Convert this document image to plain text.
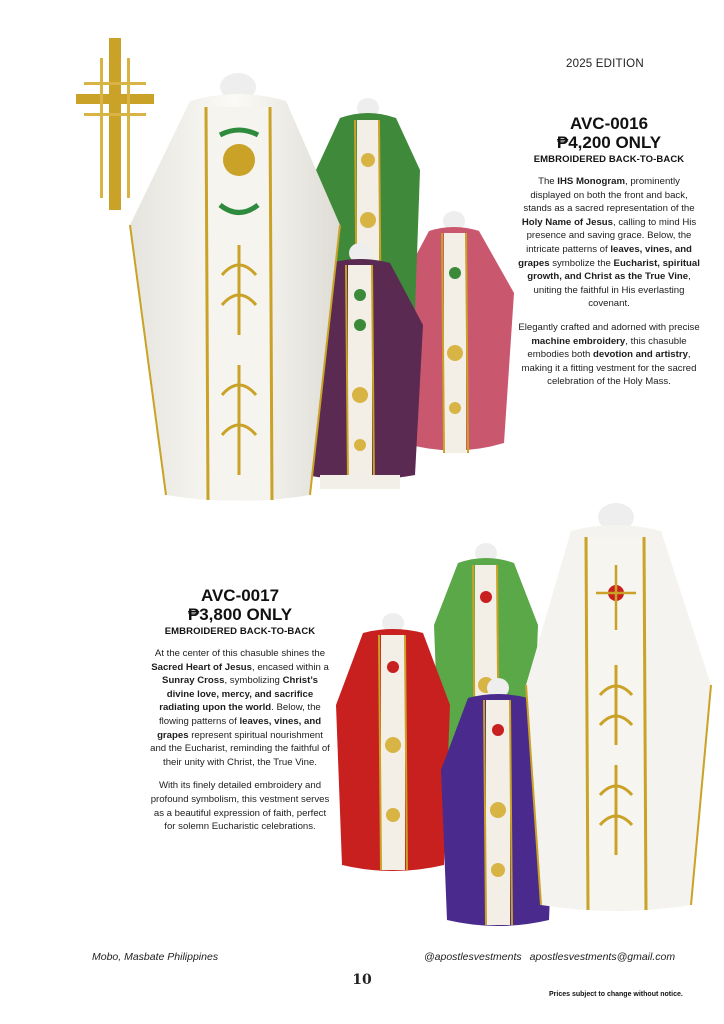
2025 EDITION
AVC-0016
₱4,200 ONLY
EMBROIDERED BACK-TO-BACK
The IHS Monogram, prominently displayed on both the front and back, stands as a sacred representation of the Holy Name of Jesus, calling to mind His presence and saving grace. Below, the intricate patterns of leaves, vines, and grapes symbolize the Eucharist, spiritual growth, and Christ as the True Vine, uniting the faithful in His everlasting covenant.
Elegantly crafted and adorned with precise machine embroidery, this chasuble embodies both devotion and artistry, making it a fitting vestment for the sacred celebration of the Holy Mass.
AVC-0017
₱3,800 ONLY
EMBROIDERED BACK-TO-BACK
At the center of this chasuble shines the Sacred Heart of Jesus, encased within a Sunray Cross, symbolizing Christ’s divine love, mercy, and sacrifice radiating upon the world. Below, the flowing patterns of leaves, vines, and grapes represent spiritual nourishment and the Eucharist, reminding the faithful of their unity with Christ, the True Vine.
With its finely detailed embroidery and profound symbolism, this vestment serves as a beautiful expression of faith, perfect for solemn Eucharistic celebrations.
Mobo, Masbate Philippines	@apostlesvestments apostlesvestments@gmail.com
10
Prices subject to change without notice.
